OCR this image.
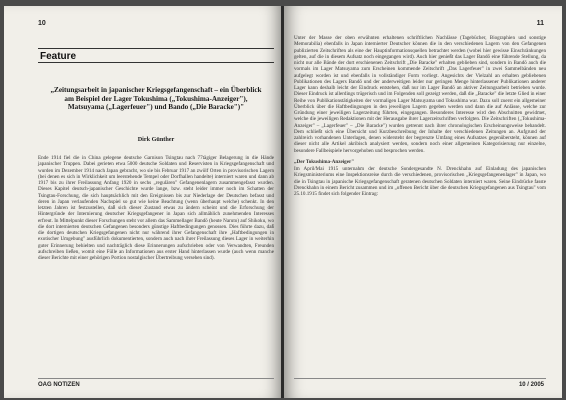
10
Feature
„Zeitungsarbeit in japanischer Kriegsgefangenschaft – ein Überblick am Beispiel der Lager Tokushima („Tokushima-Anzeiger"), Matsuyama („Lagerfeuer") und Bando („Die Baracke")"
Dirk Günther

Ende 1914 fiel die in China gelegene deutsche Garnison Tsingtau nach 77tägiger Belagerung in die Hände japanischer Truppen. Dabei gerieten etwa 5000 deutsche Soldaten und Reservisten in Kriegsgefangenschaft und wurden im Dezember 1914 nach Japan gebracht, wo sie bis Februar 1917 an zwölf Orten in provisorischen Lagern (bei denen es sich in Wirklichkeit um leerstehende Tempel oder Dorfhallen handelte) interniert waren und dann ab 1917 bis zu ihrer Freilassung Anfang 1920 in sechs „regulären" Gefangenenlagern zusammengefasst wurden. Dieses Kapitel deutsch-japanischer Geschichte wurde lange, bzw. steht leider immer noch im Schatten der Tsingtau-Forschung, die sich hauptsächlich mit den Ereignissen bis zur Niederlage der Deutschen befasst und deren in Japan verlaufenden Nachspiel so gut wie keine Beachtung (wenn überhaupt welche) schenkt. In den letzten Jahren ist festzustellen, daß sich dieser Zustand etwas zu ändern scheint und die Erforschung der Hintergründe der Internierung deutscher Kriegsgefangener in Japan sich allmählich zunehmenden Interesses erfreut. In Mittelpunkt dieser Forschungen steht vor allem das Sammellager Bandō (heute Naruto) auf Shikoku, wo die dort internierten deutschen Gefangenen besonders günstige Haftbedingungen genossen. Dies führte dazu, daß die dortigen deutschen Kriegsgefangenen nicht nur während ihrer Gefangenschaft ihre „Haftbedingungen in exotischer Umgebung" ausführlich dokumentierten, sondern auch nach ihrer Freilassung dieses Lager in weiterhin guter Erinnerung behielten und nachträglich diese Erinnerungen aufschrieben oder von Verwandten, Freunden aufschreiben ließen, womit eine Fülle an Informationen aus erster Hand hinterlassen wurde (auch wenn manche dieser Berichte mit einer gehörigen Portion nostalgischer Übertreibung versehen sind).

OAG NOTIZEN
11

Unter der Masse der oben erwähnten erhaltenen schriftlichen Nachlässe (Tagebücher, Biographien und sonstige Memorabilia) ebenfalls in Japan internierter Deutscher können die in den verschiedenen Lagern von den Gefangenen publizierten Zeitschriften als eine der Hauptinformationsquellen betrachtet werden (wobei hier gewisse Einschränkungen gelten, auf die in diesem Aufsatz noch eingegangen wird). Auch hier genießt das Lager Bandō eine führende Stellung, da nicht nur alle Bände der dort erschienenen Zeitschrift „Die Baracke" erhalten geblieben sind, sondern in Bandō auch die vormals im Lager Matsuyama zum Erscheinen kommende Zeitschrift „Das Lagerfeuer" in zwei Sammelbänden neu aufgelegt worden ist und ebenfalls in vollständiger Form vorliegt. Angesichts der Vielzahl an erhalten gebliebenen Publikationen des Lagers Bandō und der anderweitigen leider nur geringen Menge hinterlassener Publikationen anderer Lager kann deshalb leicht der Eindruck entstehen, daß nur im Lager Bandō an aktiver Zeitungsarbeit betrieben wurde. Dieser Eindruck ist allerdings trügerisch und im Folgenden soll gezeigt werden, daß die „Baracke" die letzte Glied in einer Reihe von Publikationstätigkeiten der vormaligen Lager Matsuyama und Tokushima war. Dazu soll zuerst ein allgemeiner Überblick über die Haftbedingungen in den jeweiligen Lagern gegeben werden und dann die auf Anlässe, welche zur Gründung einer jeweiligen Lagerzeitung führten, eingegangen. Besonderes Interesse wird den Abschnitten gewidmet, welche die jeweiligen Redaktionen mit der Herausgabe ihrer Lagerzeitschriften verfolgten. Die Zeitschriften („Tokushima-Anzeiger" – „Lagerfeuer" – „Die Baracke") wurden getrennt nach ihrer chronologischen Erscheinungsweise behandelt. Dem schließt sich eine Übersicht und Kurzbeschreibung der Inhalte der verschiedenen Zeitungen an. Aufgrund der zahlreich vorhandenen Unterlagen, denen widersteht der begrenzte Umfang eines Aufsatzes gegenübersteht, können auf dieser nicht alle Artikel akribisch analysiert werden, sondern noch einer allgemeinen Kategorisierung nur einzelne, besondere Fallbeispiele hervorgehoben und besprochen werden.

„Der Tokushima-Anzeiger"

Im April/Mai 1915 unternahm der deutsche Sondergesandte N. Drenckhahn auf Einladung des japanischen Kriegsministeriums eine Inspektionsreise durch die verschiedenen, provisorischen „Kriegsgefangenenlager" in Japan, wo die in Tsingtau in japanische Kriegsgefangenschaft geratenen deutschen Soldaten interniert waren. Seine Eindrücke fasste Drenckhahn in einem Bericht zusammen und im „offenen Bericht über die deutschen Kriegsgefangenen aus Tsingtau" vom 25.10.1915 findet sich folgender Eintrag:

10 / 2005
